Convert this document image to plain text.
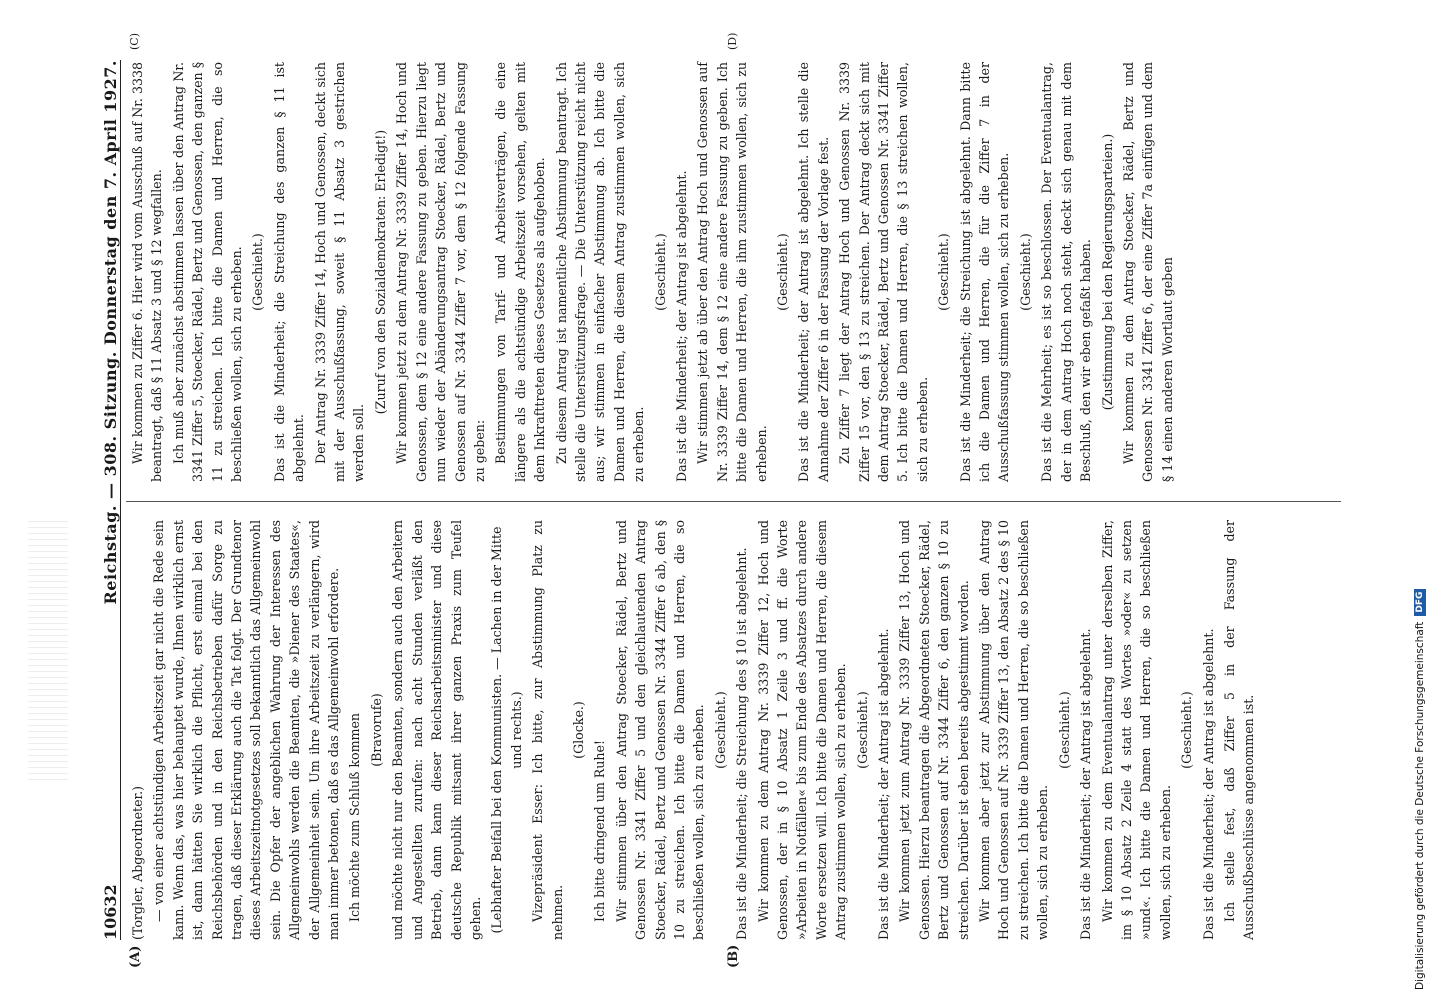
10632
Reichstag. — 308. Sitzung. Donnerstag den 7. April 1927.
(A)	(B)
(C)	(D)

(Torgler, Abgeordneter.) — von einer achtstündigen Arbeitszeit gar nicht die Rede sein kann. Wenn das, was hier behauptet wurde, Ihnen wirklich ernst ist, dann hätten Sie wirklich die Pflicht, erst einmal bei den Reichsbehörden und in den Reichsbetrieben dafür Sorge zu tragen, daß dieser Erklärung auch die Tat folgt. Der Grundtenor dieses Arbeitszeitnotgesetzes soll bekanntlich das Allgemeinwohl sein. Die Opfer der angeblichen Wahrung der Interessen des Allgemeinwohls werden die Beamten, die »Diener des Staates«, der Allgemeinheit sein. Um ihre Arbeitszeit zu verlängern, wird man immer betonen, daß es das Allgemeinwohl erfordere. Ich möchte zum Schluß kommen (Bravorufe) und möchte nicht nur den Beamten, sondern auch den Arbeitern und Angestellten zurufen: nach acht Stunden verläßt den Betrieb, dann kann dieser Reichsarbeitsminister und diese deutsche Republik mitsamt ihrer ganzen Praxis zum Teufel gehen. (Lebhafter Beifall bei den Kommunisten. — Lachen in der Mitte und rechts.) Vizepräsident Esser: Ich bitte, zur Abstimmung Platz zu nehmen.

(Glocke.)

Ich bitte dringend um Ruhe! Wir stimmen über den Antrag Stoecker, Rädel, Bertz und Genossen Nr. 3341 Ziffer 5 und den gleichlautenden Antrag Stoecker, Rädel, Bertz und Genossen Nr. 3344 Ziffer 6 ab, den § 10 zu streichen. Ich bitte die Damen und Herren, die so beschließen wollen, sich zu erheben. (Geschieht.) Das ist die Minderheit; die Streichung des § 10 ist abgelehnt. Wir kommen zu dem Antrag Nr. 3339 Ziffer 12, Hoch und Genossen, der in § 10 Absatz 1 Zeile 3 und ff. die Worte »Arbeiten in Notfällen« bis zum Ende des Absatzes durch andere Worte ersetzen will. Ich bitte die Damen und Herren, die diesem Antrag zustimmen wollen, sich zu erheben. (Geschieht.) Das ist die Minderheit; der Antrag ist abgelehnt. Wir kommen jetzt zum Antrag Nr. 3339 Ziffer 13, Hoch und Genossen. Hierzu beantragen die Abgeordneten Stoecker, Rädel, Bertz und Genossen auf Nr. 3344 Ziffer 6, den ganzen § 10 zu streichen. Darüber ist eben bereits abgestimmt worden. Wir kommen aber jetzt zur Abstimmung über den Antrag Hoch und Genossen auf Nr. 3339 Ziffer 13, den Absatz 2 des § 10 zu streichen. Ich bitte die Damen und Herren, die so beschließen wollen, sich zu erheben.

(Geschieht.) Das ist die Minderheit; der Antrag ist abgelehnt. Wir kommen zu dem Eventualantrag unter derselben Ziffer, im § 10 Absatz 2 Zeile 4 statt des Wortes »oder« zu setzen »und«. Ich bitte die Damen und Herren, die so beschließen wollen, sich zu erheben.

(Geschieht.) Das ist die Minderheit; der Antrag ist abgelehnt. Ich stelle fest, daß Ziffer 5 in der Fassung der Ausschußbeschlüsse angenommen ist.

Wir kommen zu Ziffer 6. Hier wird vom Ausschuß auf Nr. 3338 beantragt, daß § 11 Absatz 3 und § 12 wegfallen. Ich muß aber zunächst abstimmen lassen über den Antrag Nr. 3341 Ziffer 5, Stoecker, Rädel, Bertz und Genossen, den ganzen § 11 zu streichen. Ich bitte die Damen und Herren, die so beschließen wollen, sich zu erheben. (Geschieht.) Das ist die Minderheit; die Streichung des ganzen § 11 ist abgelehnt. Der Antrag Nr. 3339 Ziffer 14, Hoch und Genossen, deckt sich mit der Ausschußfassung, soweit § 11 Absatz 3 gestrichen werden soll.

(Zuruf von den Sozialdemokraten: Erledigt!) Wir kommen jetzt zu dem Antrag Nr. 3339 Ziffer 14, Hoch und Genossen, dem § 12 eine andere Fassung zu geben. Hierzu liegt nun wieder der Abänderungsantrag Stoecker, Rädel, Bertz und Genossen auf Nr. 3344 Ziffer 7 vor, dem § 12 folgende Fassung zu geben: Bestimmungen von Tarif- und Arbeitsverträgen, die eine längere als die achtstündige Arbeitszeit vorsehen, gelten mit dem Inkrafttreten dieses Gesetzes als aufgehoben. Zu diesem Antrag ist namentliche Abstimmung beantragt. Ich stelle die Unterstützungsfrage. — Die Unterstützung reicht nicht aus; wir stimmen in einfacher Abstimmung ab. Ich bitte die Damen und Herren, die diesem Antrag zustimmen wollen, sich zu erheben.

(Geschieht.) Das ist die Minderheit; der Antrag ist abgelehnt. Wir stimmen jetzt ab über den Antrag Hoch und Genossen auf Nr. 3339 Ziffer 14, dem § 12 eine andere Fassung zu geben. Ich bitte die Damen und Herren, die ihm zustimmen wollen, sich zu erheben.

(Geschieht.) Das ist die Minderheit; der Antrag ist abgelehnt. Ich stelle die Annahme der Ziffer 6 in der Fassung der Vorlage fest. Zu Ziffer 7 liegt der Antrag Hoch und Genossen Nr. 3339 Ziffer 15 vor, den § 13 zu streichen. Der Antrag deckt sich mit dem Antrag Stoecker, Rädel, Bertz und Genossen Nr. 3341 Ziffer 5. Ich bitte die Damen und Herren, die § 13 streichen wollen, sich zu erheben.

(Geschieht.) Das ist die Minderheit; die Streichung ist abgelehnt. Dann bitte ich die Damen und Herren, die für die Ziffer 7 in der Ausschußfassung stimmen wollen, sich zu erheben. (Geschieht.) Das ist die Mehrheit; es ist so beschlossen. Der Eventualantrag, der in dem Antrag Hoch noch steht, deckt sich genau mit dem Beschluß, den wir eben gefaßt haben. (Zustimmung bei den Regierungsparteien.) Wir kommen zu dem Antrag Stoecker, Rädel, Bertz und Genossen Nr. 3341 Ziffer 6, der eine Ziffer 7a einfügen und dem § 14 einen anderen Wortlaut geben

Digitalisierung gefördert durch die Deutsche Forschungsgemeinschaft
DFG
